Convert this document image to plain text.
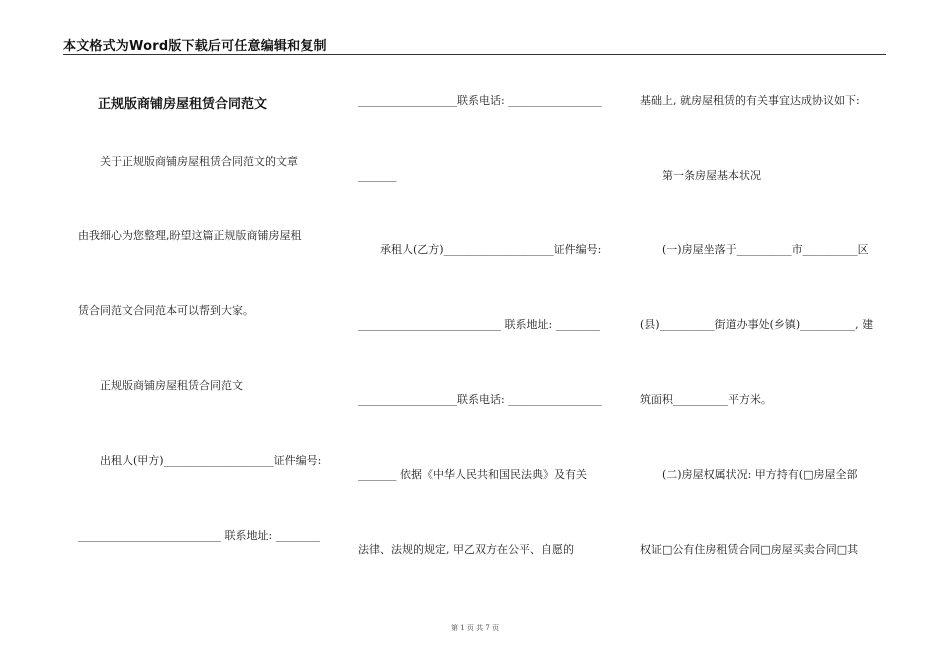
本文格式为Word版下载后可任意编辑和复制
正规版商铺房屋租赁合同范文
关于正规版商铺房屋租赁合同范文的文章
由我细心为您整理,盼望这篇正规版商铺房屋租
赁合同范文合同范本可以帮到大家。
正规版商铺房屋租赁合同范文
出租人(甲方)____________________证件编号:
__________________________ 联系地址: ________
__________________联系电话: _________________
_______
承租人(乙方)____________________证件编号:
__________________________ 联系地址: ________
__________________联系电话: _________________
_______ 依据《中华人民共和国民法典》及有关
法律、法规的规定, 甲乙双方在公平、自愿的
基础上, 就房屋租赁的有关事宜达成协议如下:
第一条房屋基本状况
(一)房屋坐落于__________市__________区
(县)__________街道办事处(乡镇)__________, 建
筑面积__________平方米。
(二)房屋权属状况: 甲方持有(□房屋全部
权证□公有住房租赁合同□房屋买卖合同□其
第 1 页 共 7 页
